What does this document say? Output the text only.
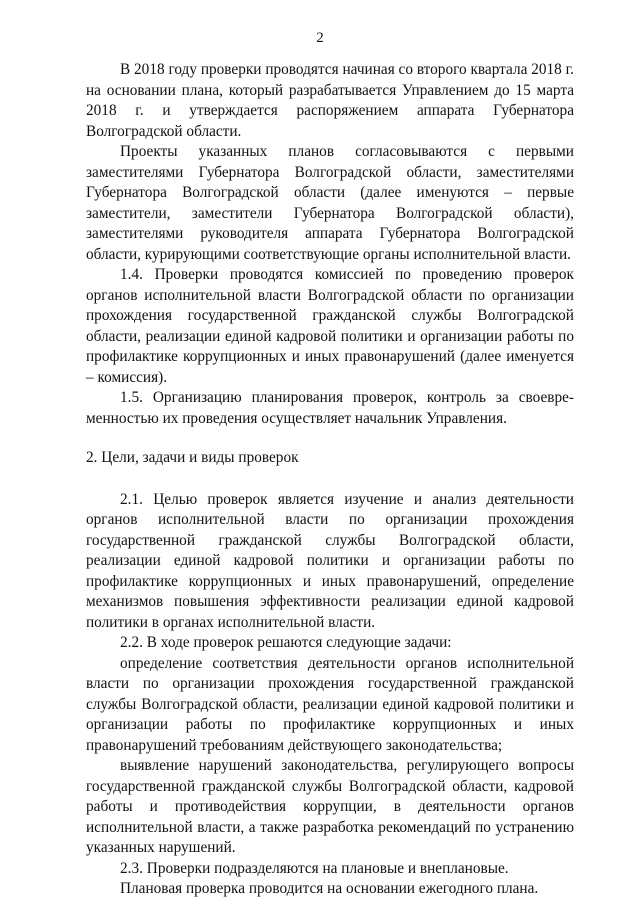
2

В 2018 году проверки проводятся начиная со второго квартала 2018 г. на основании плана, который разрабатывается Управлением до 15 марта 2018 г. и утверждается распоряжением аппарата Губернатора Волгоградской области.

Проекты указанных планов согласовываются с первыми заместителями Губернатора Волгоградской области, заместителями Губернатора Волгоградской области (далее именуются – первые заместители, заместители Губернатора Волгоградской области), заместителями руководителя аппарата Губернатора Волгоградской области, курирующими соответствующие органы исполнительной власти.

1.4. Проверки проводятся комиссией по проведению проверок органов исполнительной власти Волгоградской области по организации прохождения государственной гражданской службы Волгоградской области, реализации единой кадровой политики и организации работы по профилактике коррупционных и иных правонарушений (далее именуется – комиссия).

1.5. Организацию планирования проверок, контроль за своевременностью их проведения осуществляет начальник Управления.

2. Цели, задачи и виды проверок

2.1. Целью проверок является изучение и анализ деятельности органов исполнительной власти по организации прохождения государственной гражданской службы Волгоградской области, реализации единой кадровой политики и организации работы по профилактике коррупционных и иных правонарушений, определение механизмов повышения эффективности реализации единой кадровой политики в органах исполнительной власти.

2.2. В ходе проверок решаются следующие задачи:

определение соответствия деятельности органов исполнительной власти по организации прохождения государственной гражданской службы Волгоградской области, реализации единой кадровой политики и организации работы по профилактике коррупционных и иных правонарушений требованиям действующего законодательства;

выявление нарушений законодательства, регулирующего вопросы государственной гражданской службы Волгоградской области, кадровой работы и противодействия коррупции, в деятельности органов исполнительной власти, а также разработка рекомендаций по устранению указанных нарушений.

2.3. Проверки подразделяются на плановые и внеплановые.

Плановая проверка проводится на основании ежегодного плана.
